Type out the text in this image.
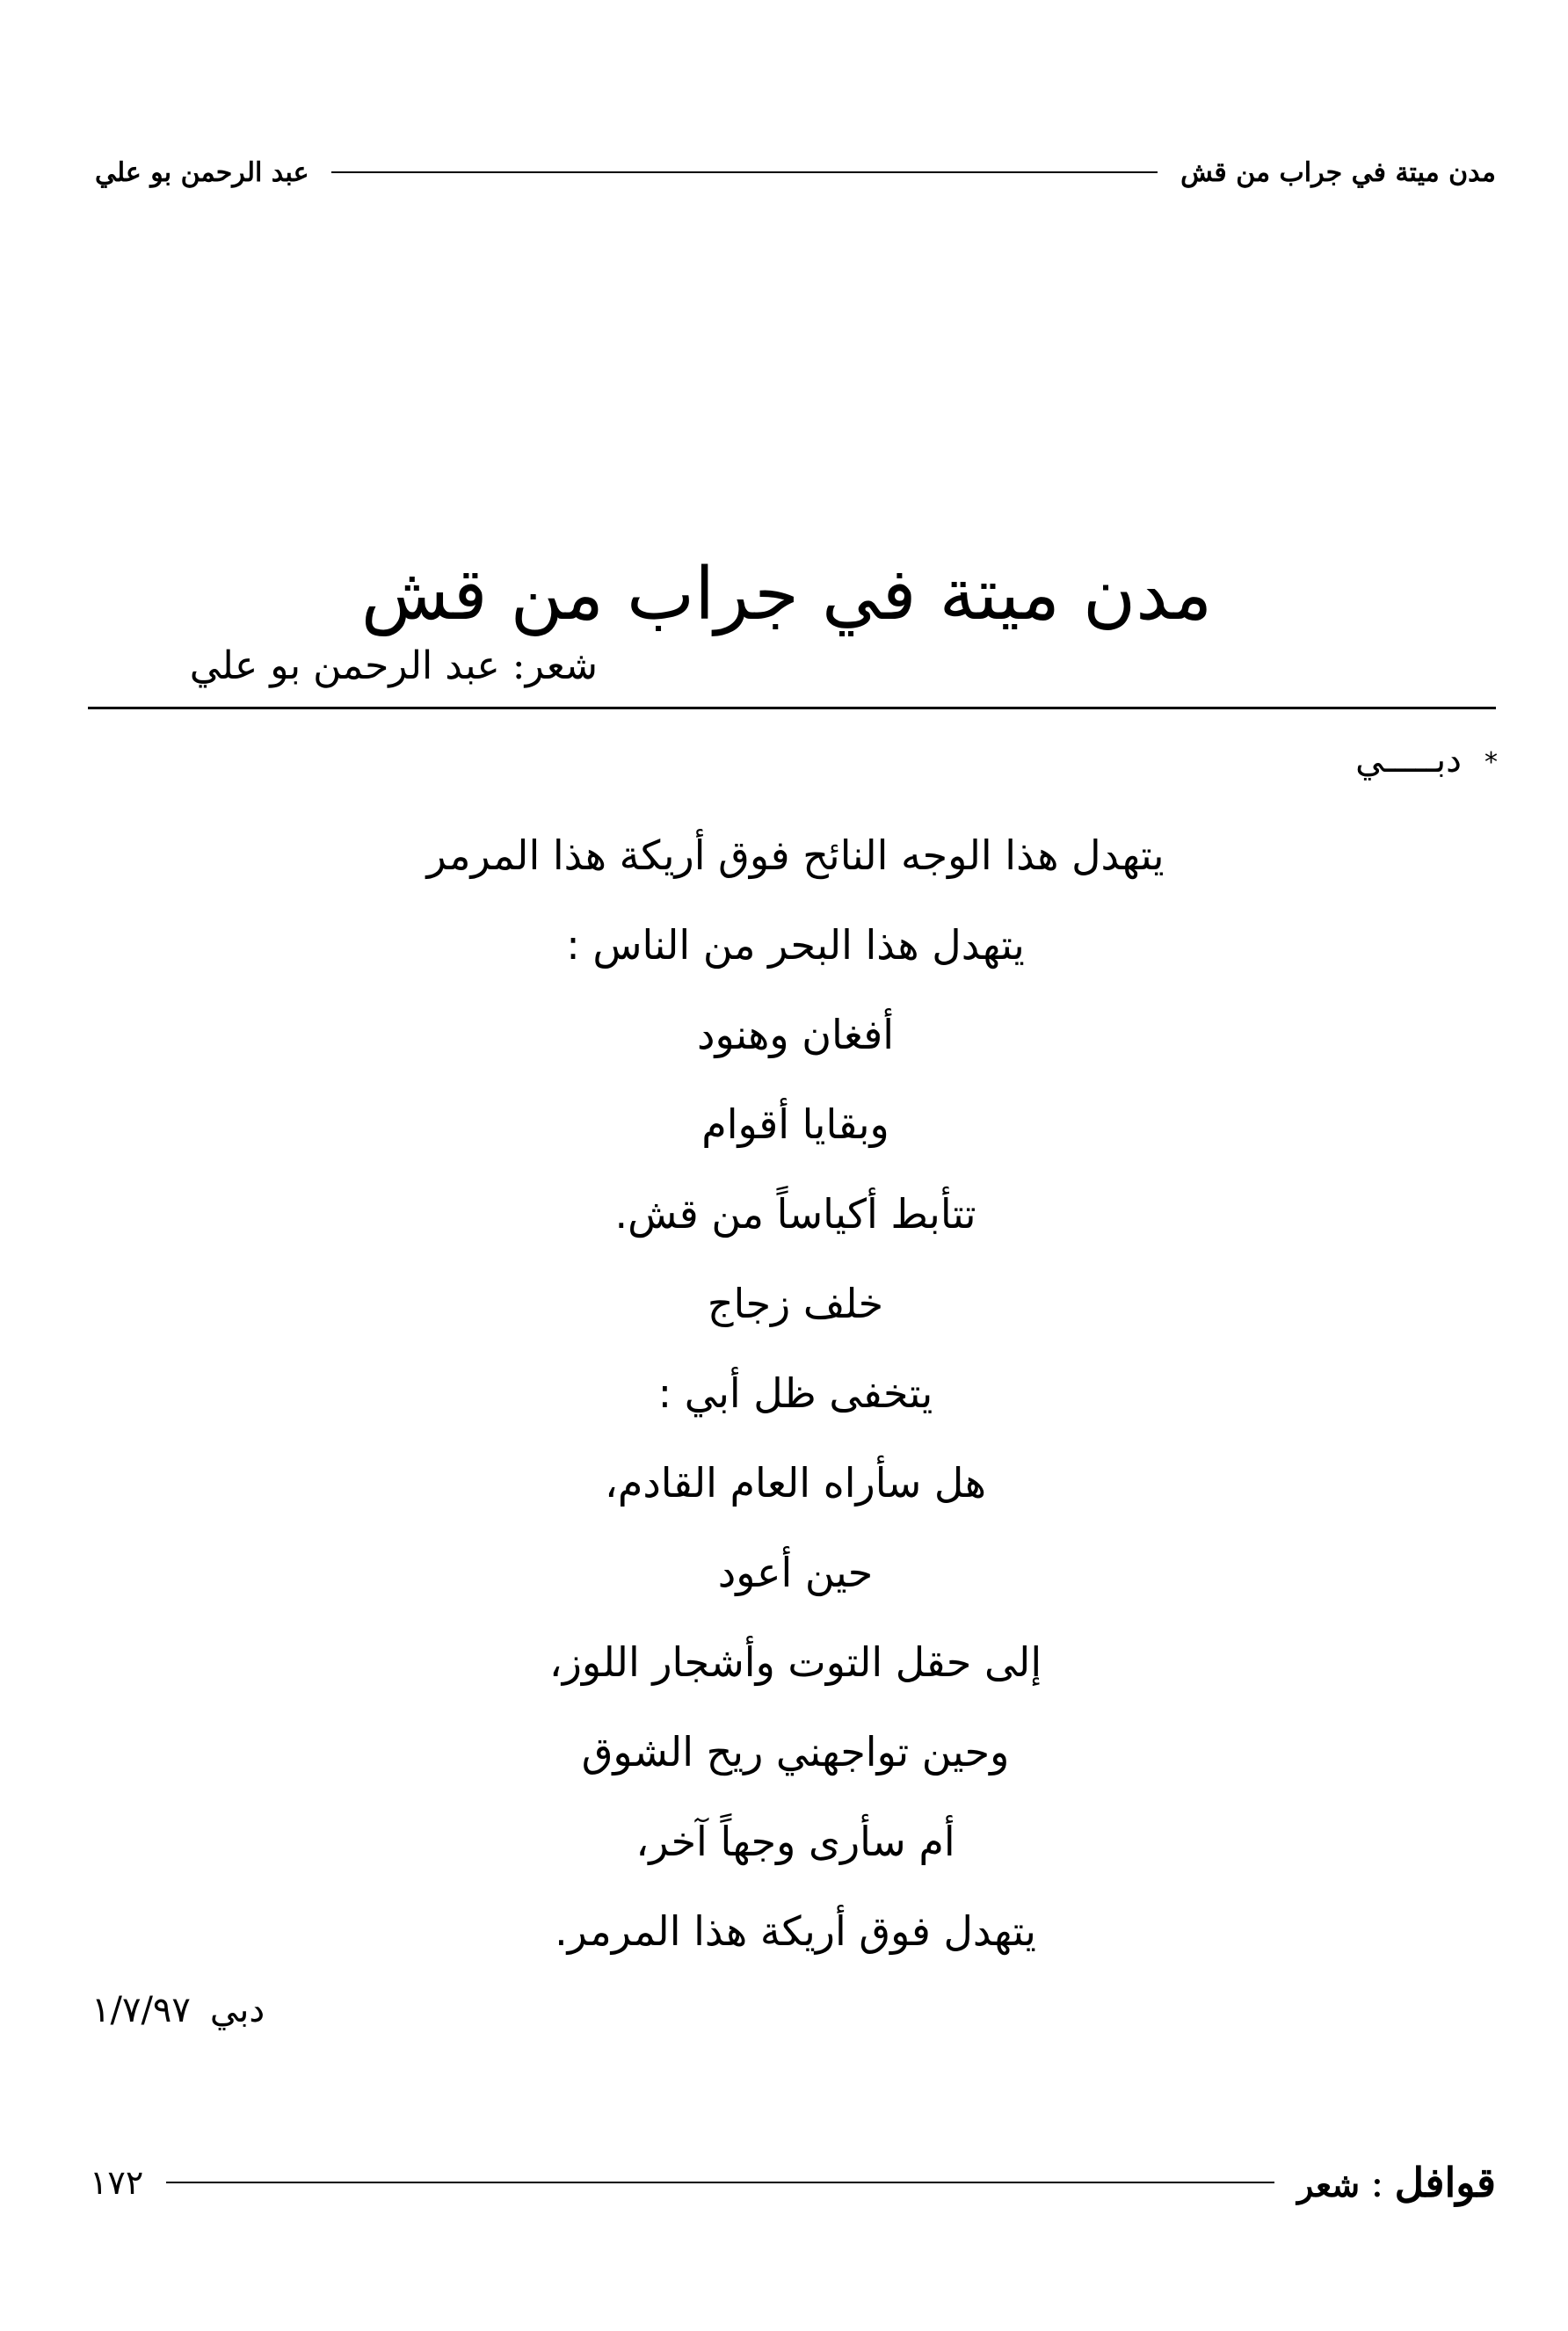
مدن ميتة في جراب من قش
عبد الرحمن بو علي
مدن ميتة في جراب من قش
شعر: عبد الرحمن بو علي
*دبـــــي
يتهدل هذا الوجه النائح فوق أريكة هذا المرمر
يتهدل هذا البحر من الناس :
أفغان وهنود
وبقايا أقوام
تتأبط أكياساً من قش.
خلف زجاج
يتخفى ظل أبي :
هل سأراه العام القادم،
حين أعود
إلى حقل التوت وأشجار اللوز،
وحين تواجهني ريح الشوق
أم سأرى وجهاً آخر،
يتهدل فوق أريكة هذا المرمر.
دبي١/٧/٩٧
قوافل:شعر
١٧٢
